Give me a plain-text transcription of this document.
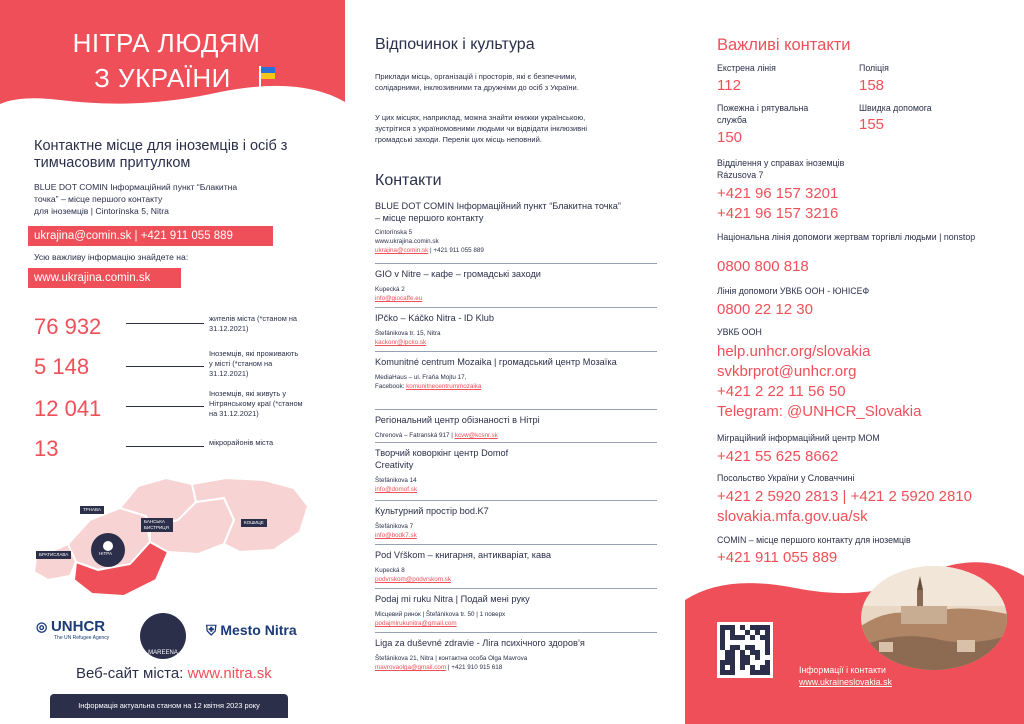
НІТРА ЛЮДЯМ
З УКРАЇНИ
Контактне місце для іноземців і осіб з
тимчасовим притулком
BLUE DOT COMIN Інформаційний пункт “Блакитна
точка” – місце першого контакту
для іноземців | Cintorínska 5, Nitra
ukrajina@comin.sk | +421 911 055 889
Усю важливу інформацію знайдете на:
www.ukrajina.comin.sk
76 932	жителів міста (*станом на 31.12.2021)
5 148
Іноземців, які проживають у місті (*станом на 31.12.2021)
12 041
Іноземців, які живуть у Нітрянському краї (*станом на 31.12.2021)
13	мікрорайонів міста
ТРНАВА
БАНСЬКА БИСТРИЦЯ
КОШИЦЕ
БРАТИСЛАВА	НІТРА
◎ UNHCR
The UN Refugee Agency
MAREENA
⛨ Mesto Nitra
Веб-сайт міста: www.nitra.sk
Інформація актуальна станом на 12 квітня 2023 року
Відпочинок і культура
Приклади місць, організацій і просторів, які є безпечними, солідарними, інклюзивними та дружніми до осіб з України.
У цих місцях, наприклад, можна знайти книжки українською, зустрітися з україномовними людьми чи відвідати інклюзивні громадські заходи. Перелік цих місць неповний.
Контакти
BLUE DOT COMIN Інформаційний пункт “Блакитна точка” – місце першого контакту
Cintorínska 5
www.ukrajina.comin.sk
ukrajina@comin.sk | +421 911 055 889
GIO v Nitre – кафе – громадські заходи
Kupecká 2
info@giocaffe.eu
IPčko – Káčko Nitra - ID Klub
Štefánikova tr. 15, Nitra
kackonr@ipcko.sk
Komunitné centrum Mozaika | громадський центр Мозаїка
MediaHaus – ul. Fraňa Mojtu 17,
Facebook: komunitnecentrummozaika
Регіональний центр обізнаності в Нітрі
Chrenová – Fatranská 917 | kcvw@kcsnr.sk
Творчий коворкінг центр Domof Creativity
Štefánikova 14
info@domof.sk
Культурний простір bod.K7
Štefánikova 7
info@bodk7.sk
Pod Vŕškom – книгарня, антикваріат, кава
Kupecká 8
podvrskom@podvrskom.sk
Podaj mi ruku Nitra | Подай мені руку
Місцевий ринок | Štefánikova tr. 50 | 1 поверх
podajmirukunitra@gmail.com
Liga za duševné zdravie - Ліга психічного здоров’я
Štefánikova 21, Nitra | контактна особа Olga Mavrova
mavrovaolga@gmail.com | +421 910 915 618
Важливі контакти
Екстрена лінія
112
Поліція
158
Пожежна і рятувальна служба
150
Швидка допомога
155
Відділення у справах іноземців
Rázusova 7
+421 96 157 3201
+421 96 157 3216
Національна лінія допомоги жертвам торгівлі людьми | nonstop
0800 800 818
Лінія допомоги УВКБ ООН - ЮНІСЕФ
0800 22 12 30
УВКБ ООН
help.unhcr.org/slovakia
svkbrprot@unhcr.org
+421 2 22 11 56 50
Telegram: @UNHCR_Slovakia
Міграційний інформаційний центр МОМ
+421 55 625 8662
Посольство України у Словаччині
+421 2 5920 2813 | +421 2 5920 2810
slovakia.mfa.gov.ua/sk
COMIN – місце першого контакту для іноземців
+421 911 055 889
Інформації і контакти
www.ukraineslovakia.sk
